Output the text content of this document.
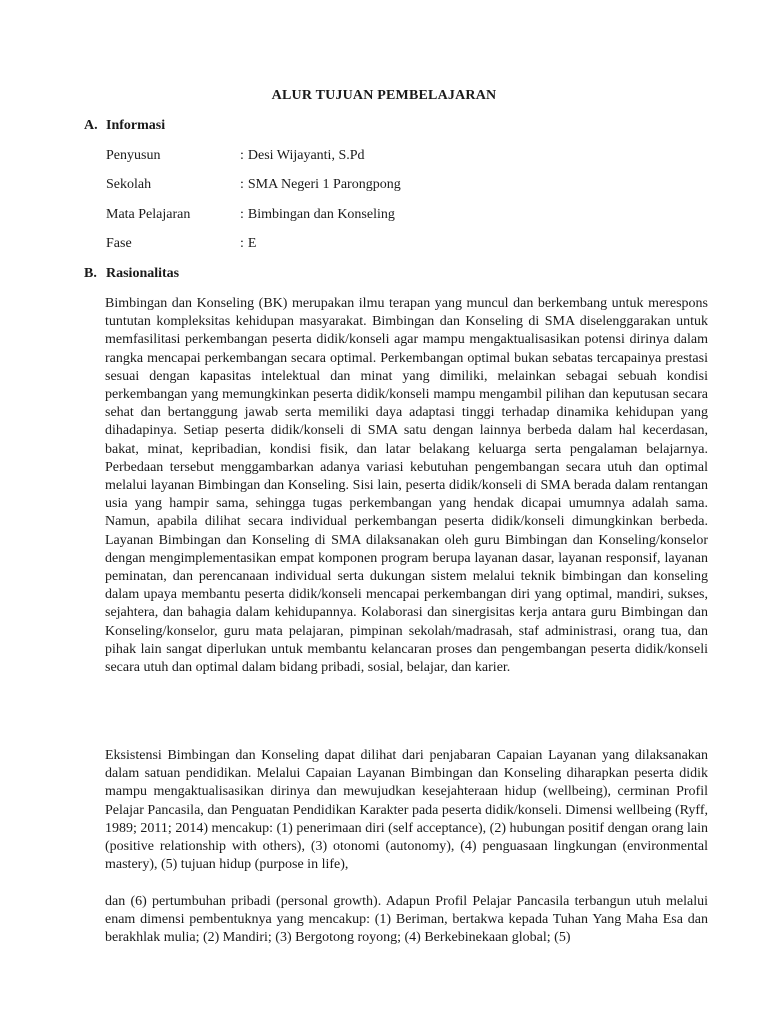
ALUR TUJUAN PEMBELAJARAN
A. Informasi
Penyusun	: Desi Wijayanti, S.Pd
Sekolah	: SMA Negeri 1 Parongpong
Mata Pelajaran	: Bimbingan dan Konseling
Fase	: E
B. Rasionalitas

Bimbingan dan Konseling (BK) merupakan ilmu terapan yang muncul dan berkembang untuk merespons tuntutan kompleksitas kehidupan masyarakat. Bimbingan dan Konseling di SMA diselenggarakan untuk memfasilitasi perkembangan peserta didik/konseli agar mampu mengaktualisasikan potensi dirinya dalam rangka mencapai perkembangan secara optimal. Perkembangan optimal bukan sebatas tercapainya prestasi sesuai dengan kapasitas intelektual dan minat yang dimiliki, melainkan sebagai sebuah kondisi perkembangan yang memungkinkan peserta didik/konseli mampu mengambil pilihan dan keputusan secara sehat dan bertanggung jawab serta memiliki daya adaptasi tinggi terhadap dinamika kehidupan yang dihadapinya. Setiap peserta didik/konseli di SMA satu dengan lainnya berbeda dalam hal kecerdasan, bakat, minat, kepribadian, kondisi fisik, dan latar belakang keluarga serta pengalaman belajarnya. Perbedaan tersebut menggambarkan adanya variasi kebutuhan pengembangan secara utuh dan optimal melalui layanan Bimbingan dan Konseling. Sisi lain, peserta didik/konseli di SMA berada dalam rentangan usia yang hampir sama, sehingga tugas perkembangan yang hendak dicapai umumnya adalah sama. Namun, apabila dilihat secara individual perkembangan peserta didik/konseli dimungkinkan berbeda. Layanan Bimbingan dan Konseling di SMA dilaksanakan oleh guru Bimbingan dan Konseling/konselor dengan mengimplementasikan empat komponen program berupa layanan dasar, layanan responsif, layanan peminatan, dan perencanaan individual serta dukungan sistem melalui teknik bimbingan dan konseling dalam upaya membantu peserta didik/konseli mencapai perkembangan diri yang optimal, mandiri, sukses, sejahtera, dan bahagia dalam kehidupannya. Kolaborasi dan sinergisitas kerja antara guru Bimbingan dan Konseling/konselor, guru mata pelajaran, pimpinan sekolah/madrasah, staf administrasi, orang tua, dan pihak lain sangat diperlukan untuk membantu kelancaran proses dan pengembangan peserta didik/konseli secara utuh dan optimal dalam bidang pribadi, sosial, belajar, dan karier.

Eksistensi Bimbingan dan Konseling dapat dilihat dari penjabaran Capaian Layanan yang dilaksanakan dalam satuan pendidikan. Melalui Capaian Layanan Bimbingan dan Konseling diharapkan peserta didik mampu mengaktualisasikan dirinya dan mewujudkan kesejahteraan hidup (wellbeing), cerminan Profil Pelajar Pancasila, dan Penguatan Pendidikan Karakter pada peserta didik/konseli. Dimensi wellbeing (Ryff, 1989; 2011; 2014) mencakup: (1) penerimaan diri (self acceptance), (2) hubungan positif dengan orang lain (positive relationship with others), (3) otonomi (autonomy), (4) penguasaan lingkungan (environmental mastery), (5) tujuan hidup (purpose in life),

dan (6) pertumbuhan pribadi (personal growth). Adapun Profil Pelajar Pancasila terbangun utuh melalui enam dimensi pembentuknya yang mencakup: (1) Beriman, bertakwa kepada Tuhan Yang Maha Esa dan berakhlak mulia; (2) Mandiri; (3) Bergotong royong; (4) Berkebinekaan global; (5)
